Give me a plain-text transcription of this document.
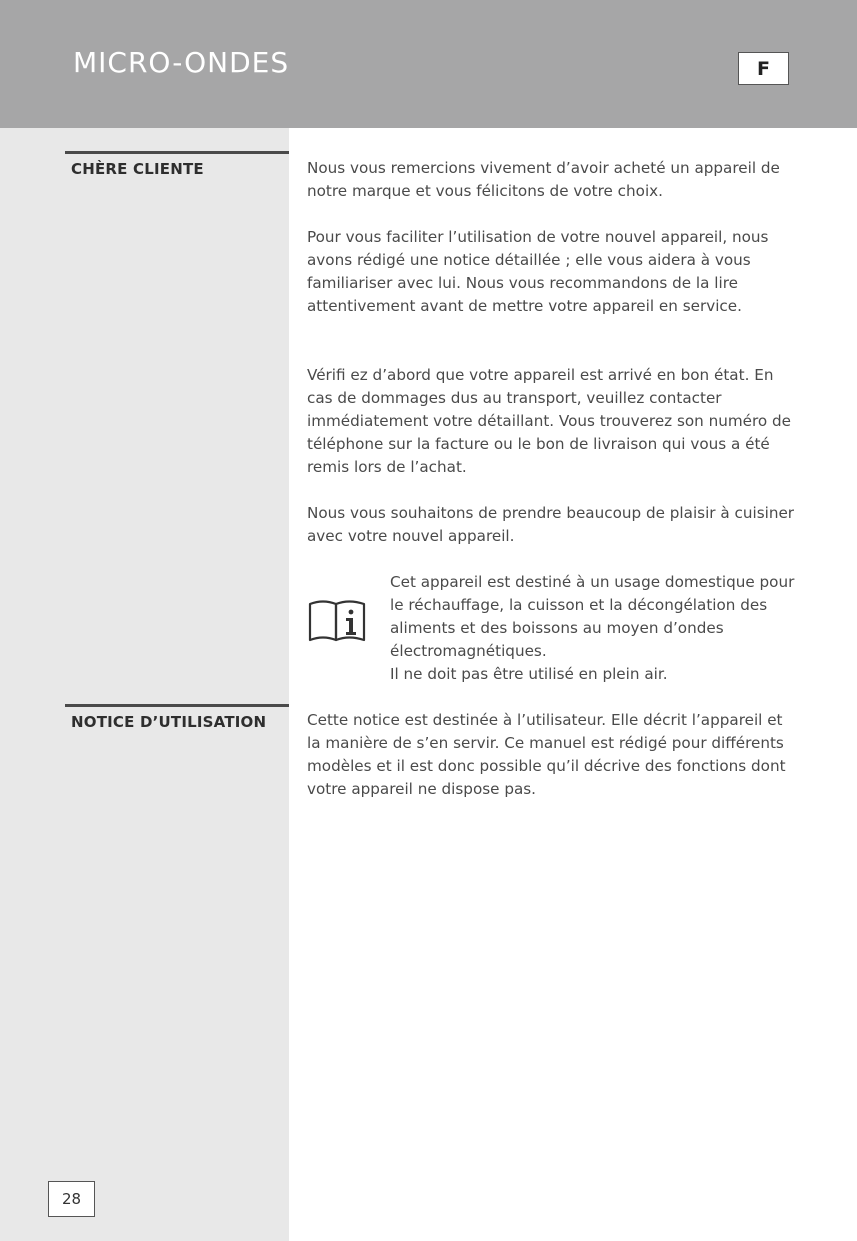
MICRO-ONDES	F
CHÈRE CLIENTE	Nous vous remercions vivement d’avoir acheté un appareil de notre marque et vous félicitons de votre choix.

Pour vous faciliter l’utilisation de votre nouvel appareil, nous avons rédigé une notice détaillée ; elle vous aidera à vous familiariser avec lui. Nous vous recommandons de la lire attentivement avant de mettre votre appareil en service.

Vérifi ez d’abord que votre appareil est arrivé en bon état. En cas de dommages dus au transport, veuillez contacter immédiatement votre détaillant. Vous trouverez son numéro de téléphone sur la facture ou le bon de livraison qui vous a été remis lors de l’achat.

Nous vous souhaitons de prendre beaucoup de plaisir à cuisiner avec votre nouvel appareil.

Cet appareil est destiné à un usage domestique pour le réchauffage, la cuisson et la décongélation des aliments et des boissons au moyen d’ondes électromagnétiques.
Il ne doit pas être utilisé en plein air.
NOTICE D’UTILISATION	Cette notice est destinée à l’utilisateur. Elle décrit l’appareil et la manière de s’en servir. Ce manuel est rédigé pour différents modèles et il est donc possible qu’il décrive des fonctions dont votre appareil ne dispose pas.

28
